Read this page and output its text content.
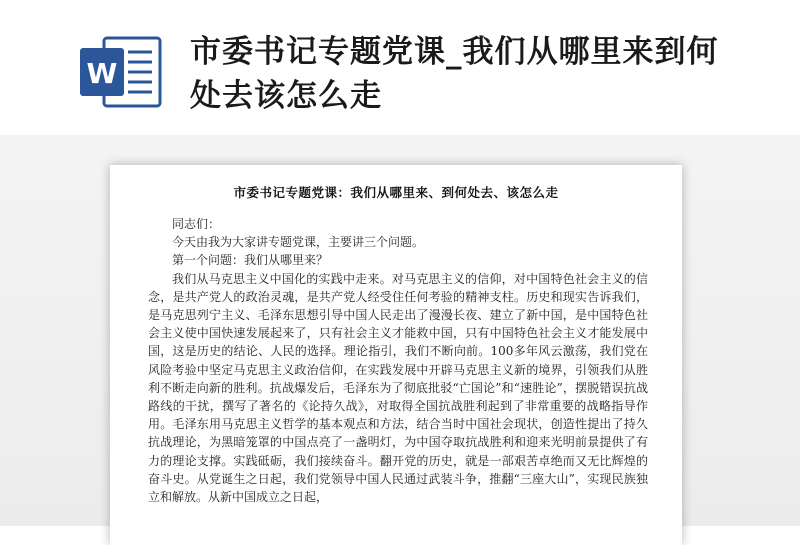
W
市委书记专题党课_我们从哪里来到何处去该怎么走
市委书记专题党课：我们从哪里来、到何处去、该怎么走

同志们：

今天由我为大家讲专题党课，主要讲三个问题。

第一个问题：我们从哪里来？

我们从马克思主义中国化的实践中走来。对马克思主义的信仰，对中国特色社会主义的信念，是共产党人的政治灵魂，是共产党人经受住任何考验的精神支柱。历史和现实告诉我们，是马克思列宁主义、毛泽东思想引导中国人民走出了漫漫长夜、建立了新中国，是中国特色社会主义使中国快速发展起来了，只有社会主义才能救中国，只有中国特色社会主义才能发展中国，这是历史的结论、人民的选择。理论指引，我们不断向前。100多年风云激荡，我们党在风险考验中坚定马克思主义政治信仰，在实践发展中开辟马克思主义新的境界，引领我们从胜利不断走向新的胜利。抗战爆发后，毛泽东为了彻底批驳“亡国论”和“速胜论”，摆脱错误抗战路线的干扰，撰写了著名的《论持久战》，对取得全国抗战胜利起到了非常重要的战略指导作用。毛泽东用马克思主义哲学的基本观点和方法，结合当时中国社会现状，创造性提出了持久抗战理论，为黑暗笼罩的中国点亮了一盏明灯，为中国夺取抗战胜利和迎来光明前景提供了有力的理论支撑。实践砥砺，我们接续奋斗。翻开党的历史，就是一部艰苦卓绝而又无比辉煌的奋斗史。从党诞生之日起，我们党领导中国人民通过武装斗争，推翻“三座大山”，实现民族独立和解放。从新中国成立之日起，
